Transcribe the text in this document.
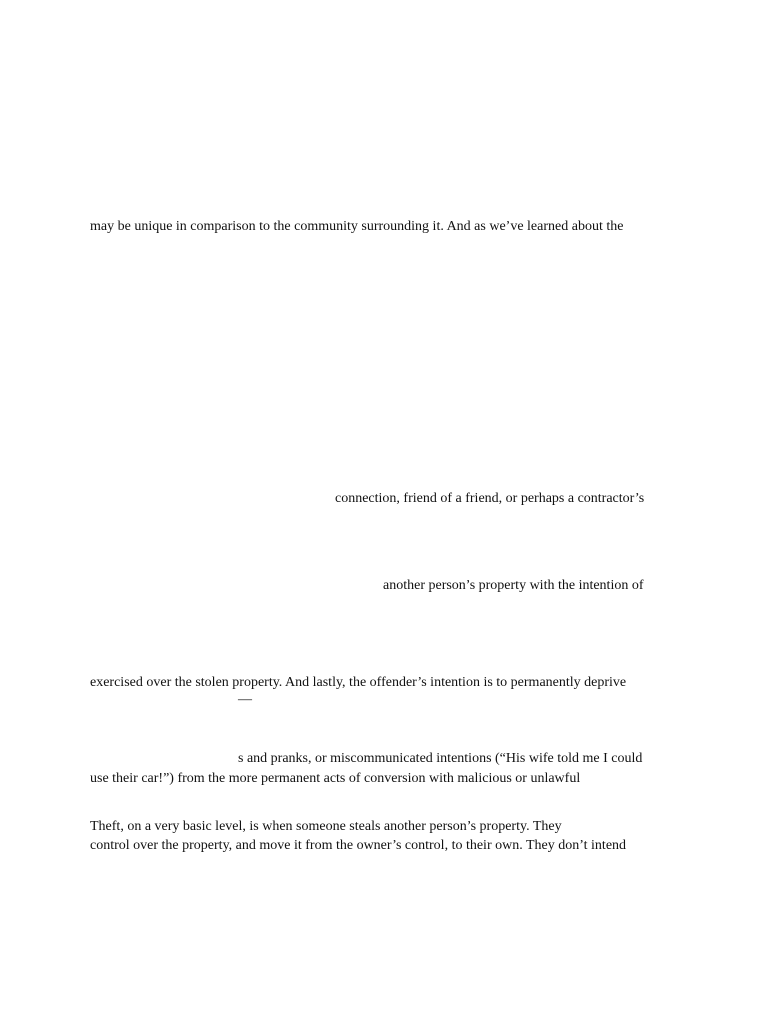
may be unique in comparison to the community surrounding it. And as we’ve learned about the

connection, friend of a friend, or perhaps a contractor’s

another person’s property with the intention of

exercised over the stolen property. And lastly, the offender’s intention is to permanently deprive

—

s and pranks, or miscommunicated intentions (“His wife told me I could

use their car!”) from the more permanent acts of conversion with malicious or unlawful

Theft, on a very basic level, is when someone steals another person’s property. They

control over the property, and move it from the owner’s control, to their own. They don’t intend
